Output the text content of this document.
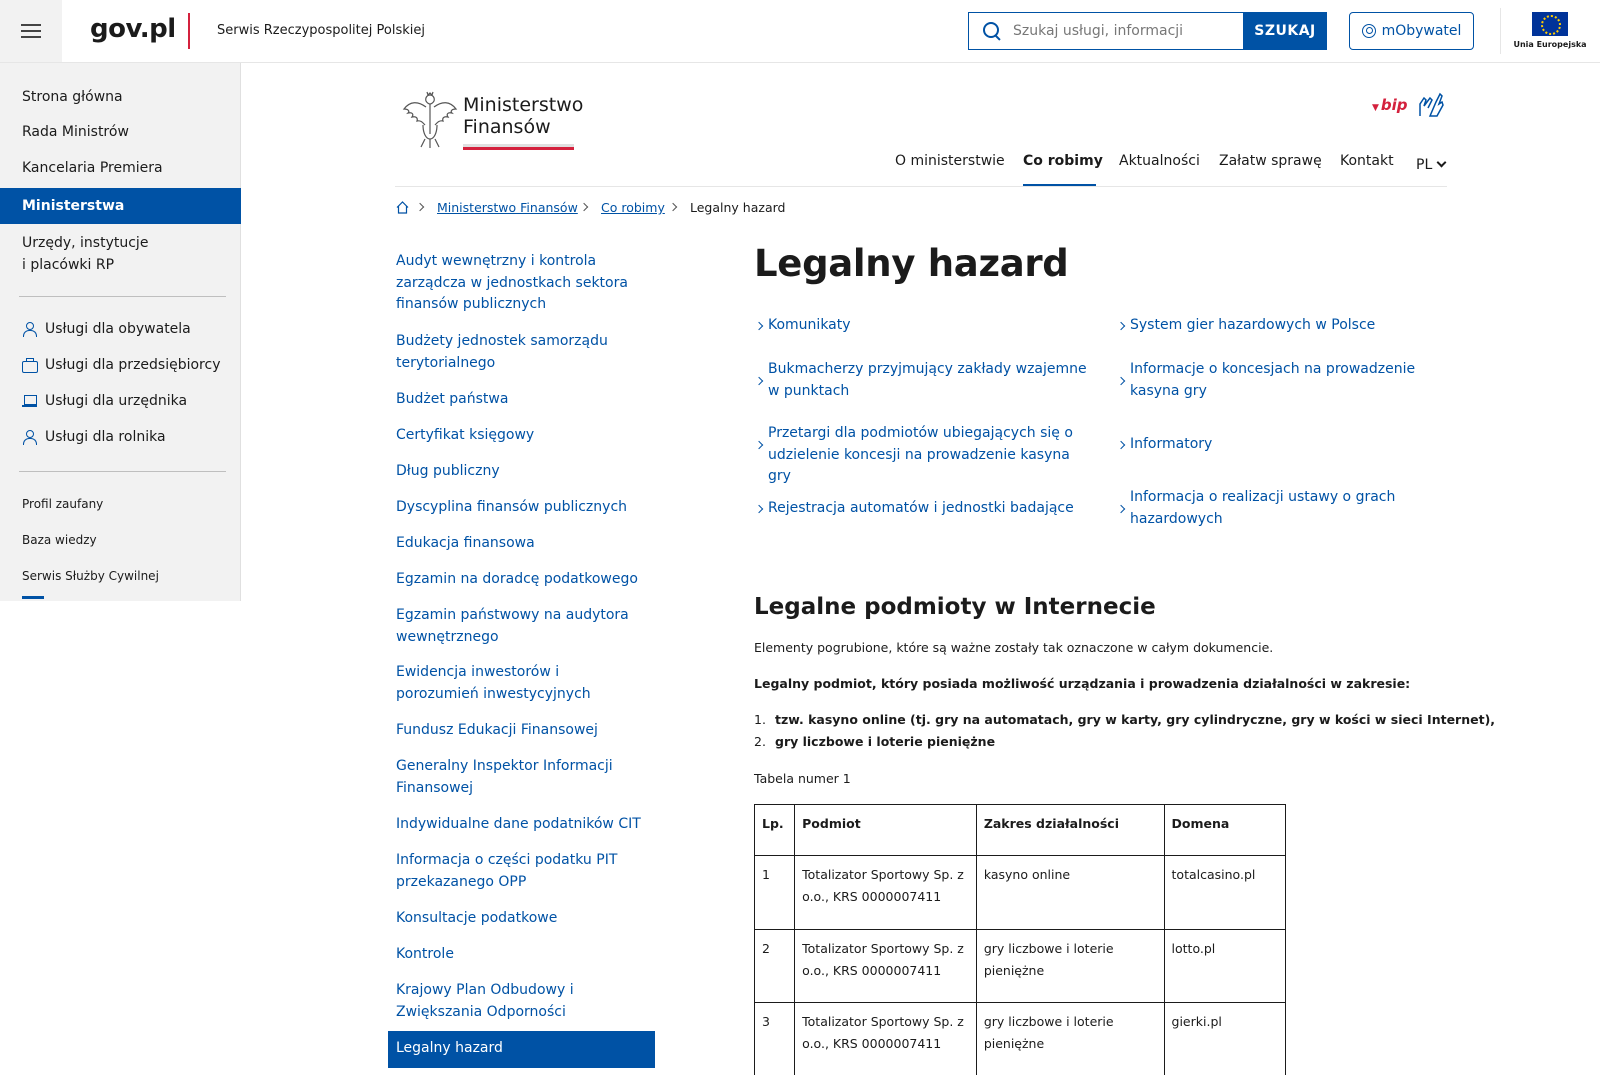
gov.pl	Serwis Rzeczypospolitej Polskiej
Szukaj usługi, informacji	SZUKAJ	mObywatel
Unia Europejska
Strona główna
Rada Ministrów
Kancelaria Premiera
Ministerstwa
Urzędy, instytucje
i placówki RP
Usługi dla obywatela
Usługi dla przedsiębiorcy
Usługi dla urzędnika
Usługi dla rolnika
Profil zaufany
Baza wiedzy
Serwis Służby Cywilnej
Ministerstwo
Finansów
▼ bip
O ministerstwie Co robimy Aktualności Załatw sprawę Kontakt PL
Ministerstwo Finansów Co robimy Legalny hazard
Audyt wewnętrzny i kontrola zarządcza w jednostkach sektora finansów publicznych
Budżety jednostek samorządu terytorialnego
Budżet państwa
Certyfikat księgowy
Dług publiczny
Dyscyplina finansów publicznych
Edukacja finansowa
Egzamin na doradcę podatkowego
Egzamin państwowy na audytora wewnętrznego
Ewidencja inwestorów i porozumień inwestycyjnych
Fundusz Edukacji Finansowej
Generalny Inspektor Informacji Finansowej
Indywidualne dane podatników CIT
Informacja o części podatku PIT przekazanego OPP
Konsultacje podatkowe
Kontrole
Krajowy Plan Odbudowy i Zwiększania Odporności
Legalny hazard
Legalny hazard
Komunikaty
Bukmacherzy przyjmujący zakłady wzajemne w punktach
Przetargi dla podmiotów ubiegających się o udzielenie koncesji na prowadzenie kasyna gry
Rejestracja automatów i jednostki badające
System gier hazardowych w Polsce
Informacje o koncesjach na prowadzenie kasyna gry
Informatory
Informacja o realizacji ustawy o grach hazardowych
Legalne podmioty w Internecie

Elementy pogrubione, które są ważne zostały tak oznaczone w całym dokumencie.

Legalny podmiot, który posiada możliwość urządzania i prowadzenia działalności w zakresie:

1. tzw. kasyno online (tj. gry na automatach, gry w karty, gry cylindryczne, gry w kości w sieci Internet),
2. gry liczbowe i loterie pieniężne

Tabela numer 1

Lp.	Podmiot	Zakres działalności	Domena
1	Totalizator Sportowy Sp. z o.o., KRS 0000007411	kasyno online	totalcasino.pl
2	Totalizator Sportowy Sp. z o.o., KRS 0000007411	gry liczbowe i loterie pieniężne	lotto.pl
3	Totalizator Sportowy Sp. z o.o., KRS 0000007411	gry liczbowe i loterie pieniężne	gierki.pl
